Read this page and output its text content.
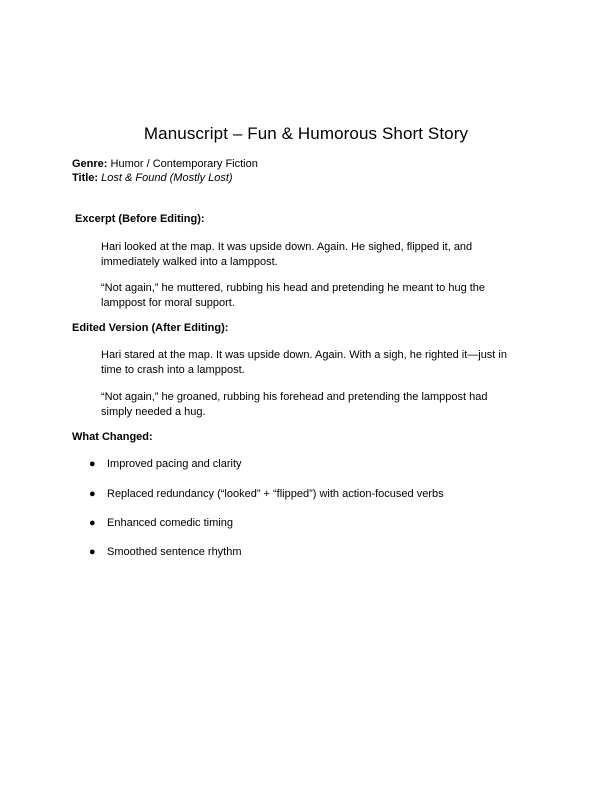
Manuscript – Fun & Humorous Short Story
Genre: Humor / Contemporary Fiction
Title: Lost & Found (Mostly Lost)
Excerpt (Before Editing):
Hari looked at the map. It was upside down. Again. He sighed, flipped it, and immediately walked into a lamppost.
“Not again,” he muttered, rubbing his head and pretending he meant to hug the lamppost for moral support.
Edited Version (After Editing):
Hari stared at the map. It was upside down. Again. With a sigh, he righted it—just in time to crash into a lamppost.
“Not again,” he groaned, rubbing his forehead and pretending the lamppost had simply needed a hug.
What Changed:
●	Improved pacing and clarity
●	Replaced redundancy (“looked” + “flipped”) with action-focused verbs
●	Enhanced comedic timing
●	Smoothed sentence rhythm
